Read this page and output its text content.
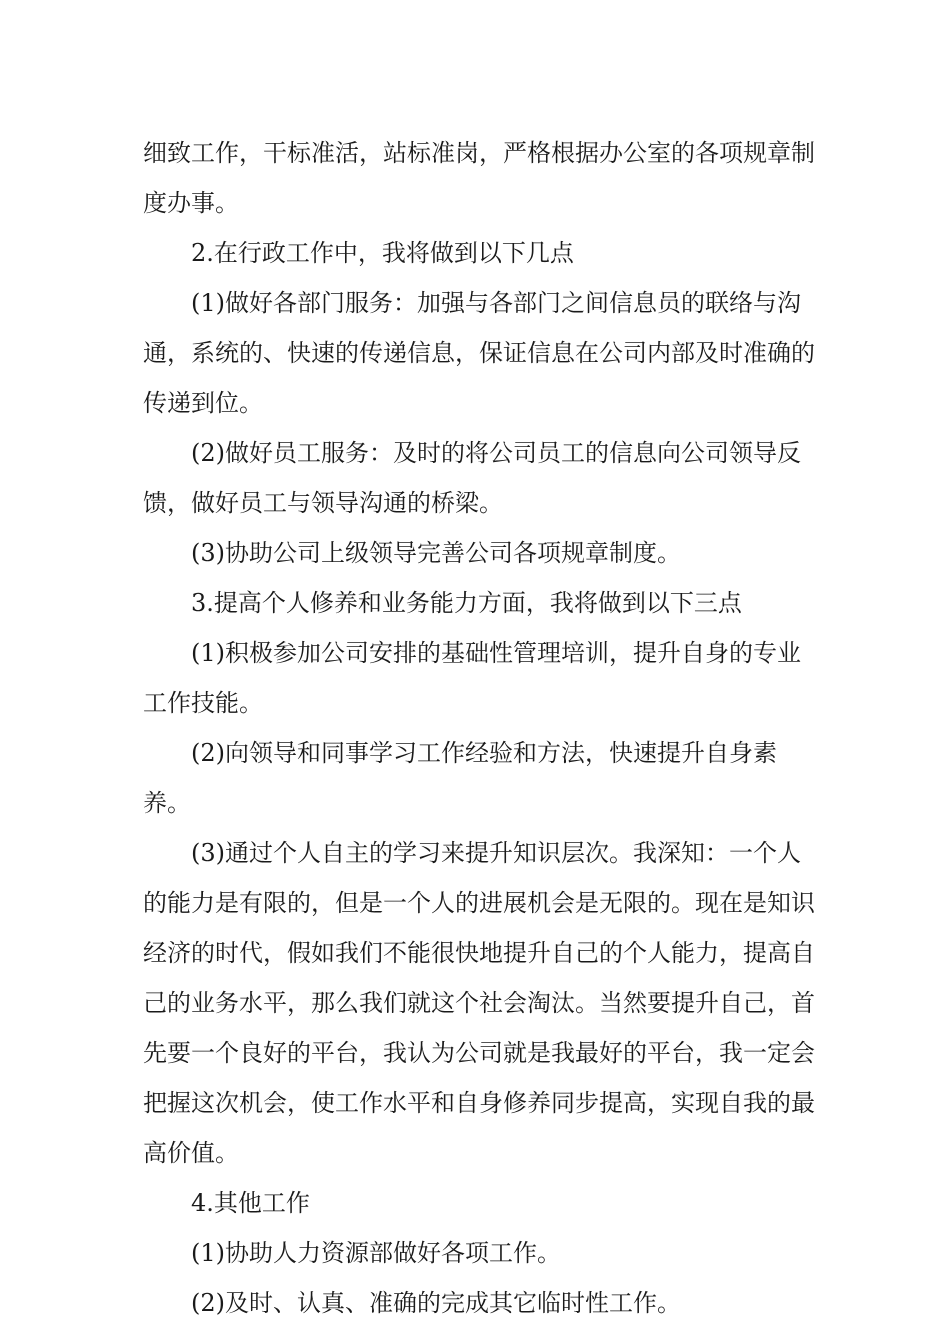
细致工作，干标准活，站标准岗，严格根据办公室的各项规章制度办事。

2.在行政工作中，我将做到以下几点

(1)做好各部门服务：加强与各部门之间信息员的联络与沟通，系统的、快速的传递信息，保证信息在公司内部及时准确的传递到位。

(2)做好员工服务：及时的将公司员工的信息向公司领导反馈，做好员工与领导沟通的桥梁。

(3)协助公司上级领导完善公司各项规章制度。

3.提高个人修养和业务能力方面，我将做到以下三点

(1)积极参加公司安排的基础性管理培训，提升自身的专业工作技能。

(2)向领导和同事学习工作经验和方法，快速提升自身素养。

(3)通过个人自主的学习来提升知识层次。我深知：一个人的能力是有限的，但是一个人的进展机会是无限的。现在是知识经济的时代，假如我们不能很快地提升自己的个人能力，提高自己的业务水平，那么我们就这个社会淘汰。当然要提升自己，首先要一个良好的平台，我认为公司就是我最好的平台，我一定会把握这次机会，使工作水平和自身修养同步提高，实现自我的最高价值。

4.其他工作

(1)协助人力资源部做好各项工作。

(2)及时、认真、准确的完成其它临时性工作。
